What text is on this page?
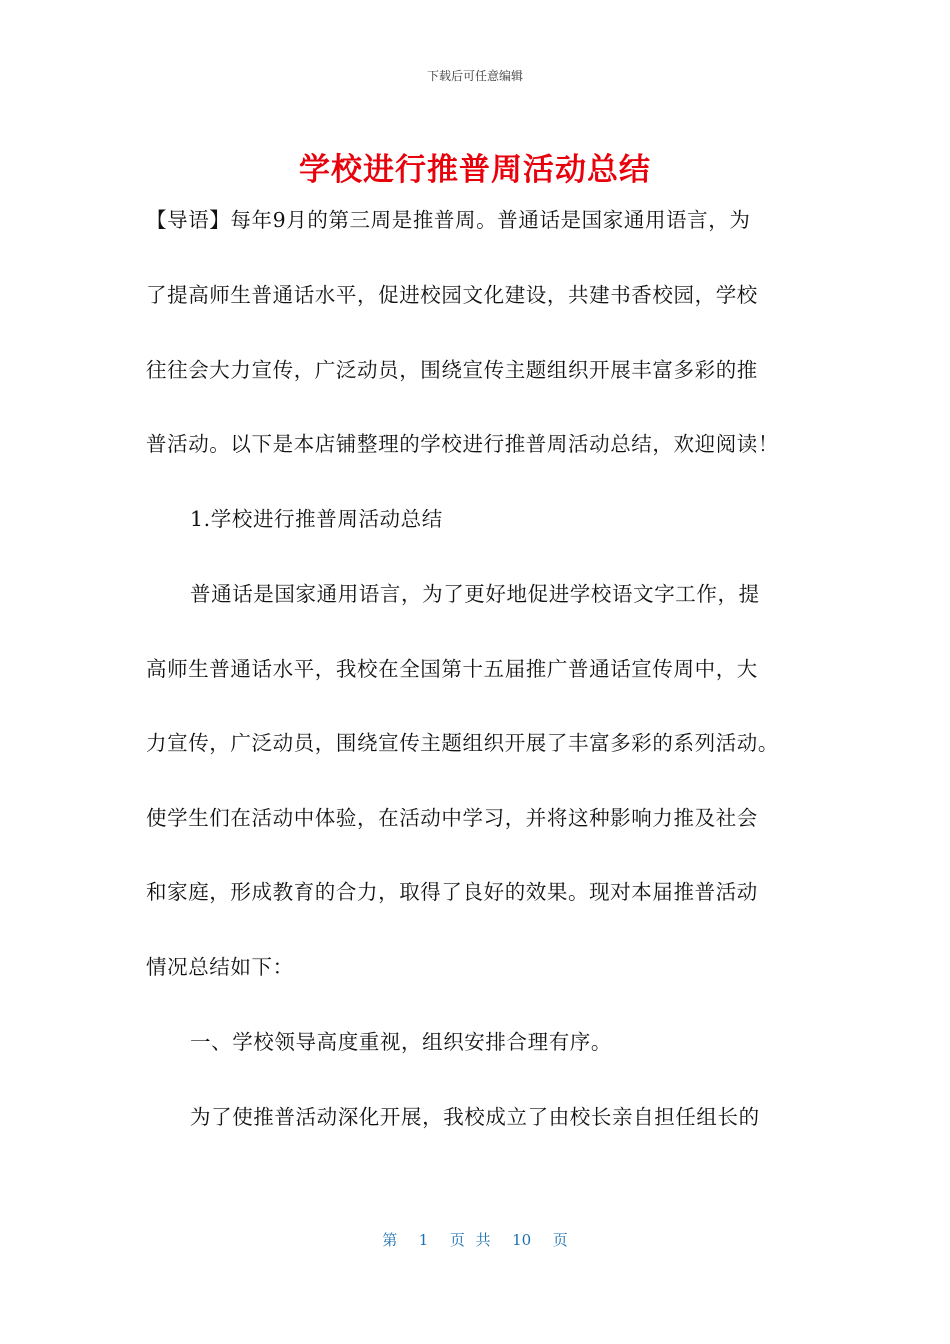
下载后可任意编辑
学校进行推普周活动总结
【导语】每年9月的第三周是推普周。普通话是国家通用语言，为
了提高师生普通话水平，促进校园文化建设，共建书香校园，学校
往往会大力宣传，广泛动员，围绕宣传主题组织开展丰富多彩的推
普活动。以下是本店铺整理的学校进行推普周活动总结，欢迎阅读！
1.学校进行推普周活动总结
普通话是国家通用语言，为了更好地促进学校语文字工作，提
高师生普通话水平，我校在全国第十五届推广普通话宣传周中，大
力宣传，广泛动员，围绕宣传主题组织开展了丰富多彩的系列活动。
使学生们在活动中体验，在活动中学习，并将这种影响力推及社会
和家庭，形成教育的合力，取得了良好的效果。现对本届推普活动
情况总结如下：
一、学校领导高度重视，组织安排合理有序。
为了使推普活动深化开展，我校成立了由校长亲自担任组长的
第  1  页 共  10  页
